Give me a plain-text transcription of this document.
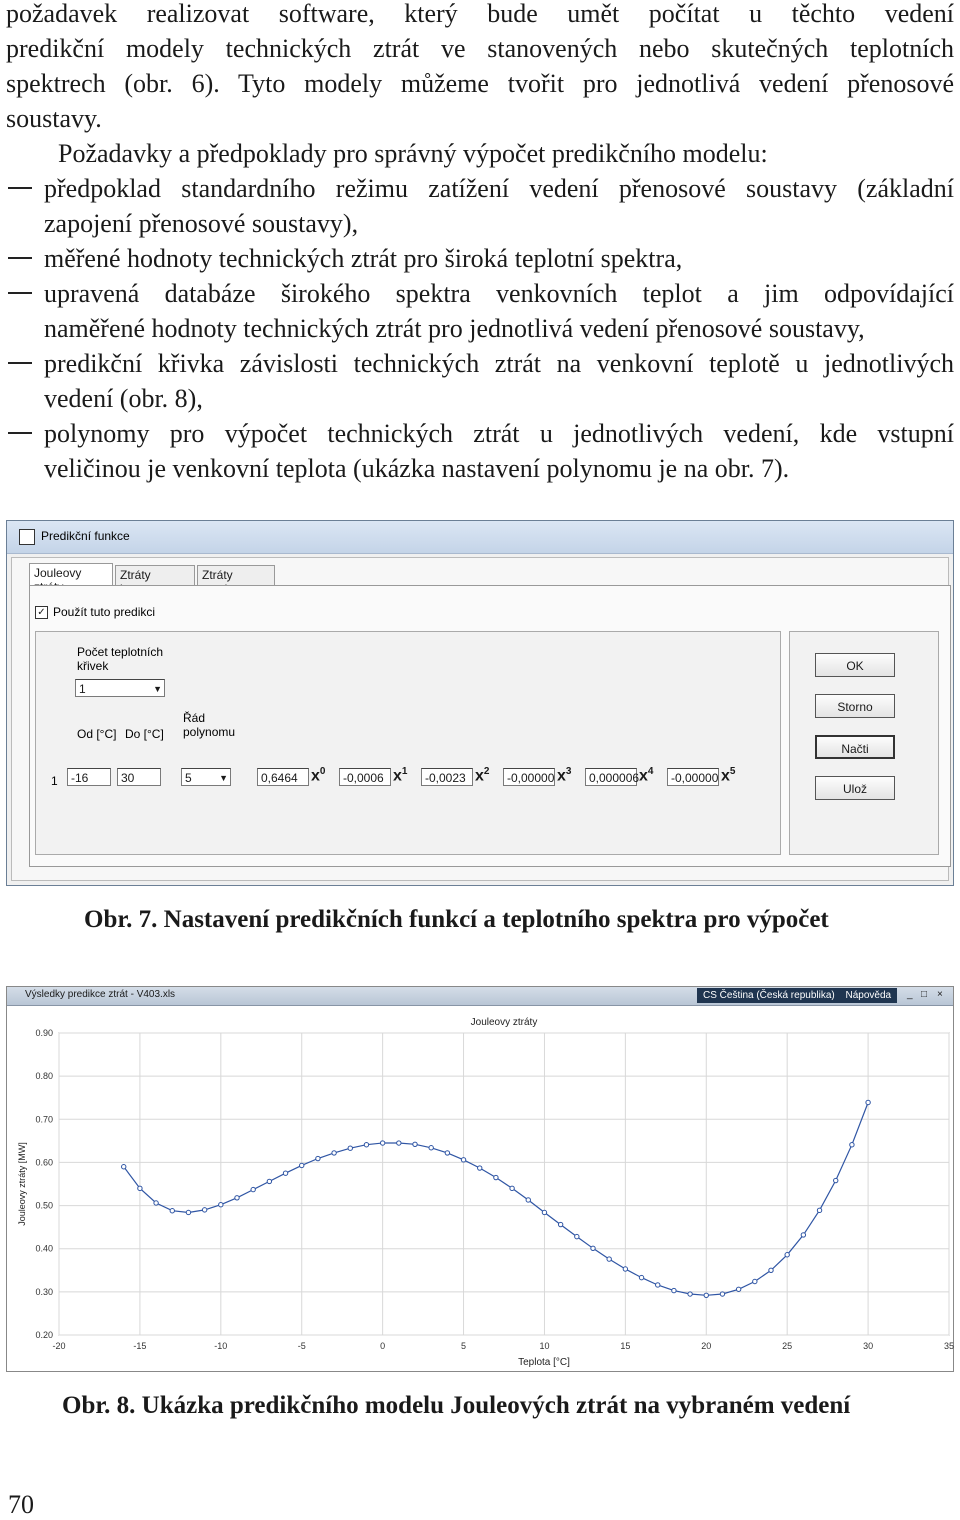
požadavek realizovat software, který bude umět počítat u těchto vedení
predikční modely technických ztrát ve stanovených nebo skutečných teplotních
spektrech (obr. 6). Tyto modely můžeme tvořit pro jednotlivá vedení přenosové
soustavy.
Požadavky a předpoklady pro správný výpočet predikčního modelu:
předpoklad standardního režimu zatížení vedení přenosové soustavy (základní
zapojení přenosové soustavy),
měřené hodnoty technických ztrát pro široká teplotní spektra,
upravená databáze širokého spektra venkovních teplot a jim odpovídající
naměřené hodnoty technických ztrát pro jednotlivá vedení přenosové soustavy,
predikční křivka závislosti technických ztrát na venkovní teplotě u jednotlivých
vedení (obr. 8),
polynomy pro výpočet technických ztrát u jednotlivých vedení, kde vstupní
veličinou je venkovní teplota (ukázka nastavení polynomu je na obr. 7).
Predikční funkce
Jouleovy	Ztráty	Ztráty
✓ Použít tuto predikci
Počet teplotních
křivek
1	▼
Řád
polynomu
Od [°C] Do [°C]
1	-16	30	5	▼	0,6464 $x^0$	-0,0006 $x^1$	-0,0023 $x^2$	-0,00000 $x^3$	0,000006 $x^4$	-0,00000 $x^5$
OK
Storno
Načti
Ulož
Obr. 7. Nastavení predikčních funkcí a teplotního spektra pro výpočet
Výsledky predikce ztrát - V403.xls	CS Čeština (Česká republika) Nápověda	_ □ ×
0.20
0.30
0.40
0.50
0.60
0.70
0.80
0.90
-20	-15	-10	-5	0	5	10	15	20	25	30	35
Jouleovy ztráty
Teplota [°C]
Jouleovy ztráty [MW]
Obr. 8. Ukázka predikčního modelu Jouleových ztrát na vybraném vedení
70
